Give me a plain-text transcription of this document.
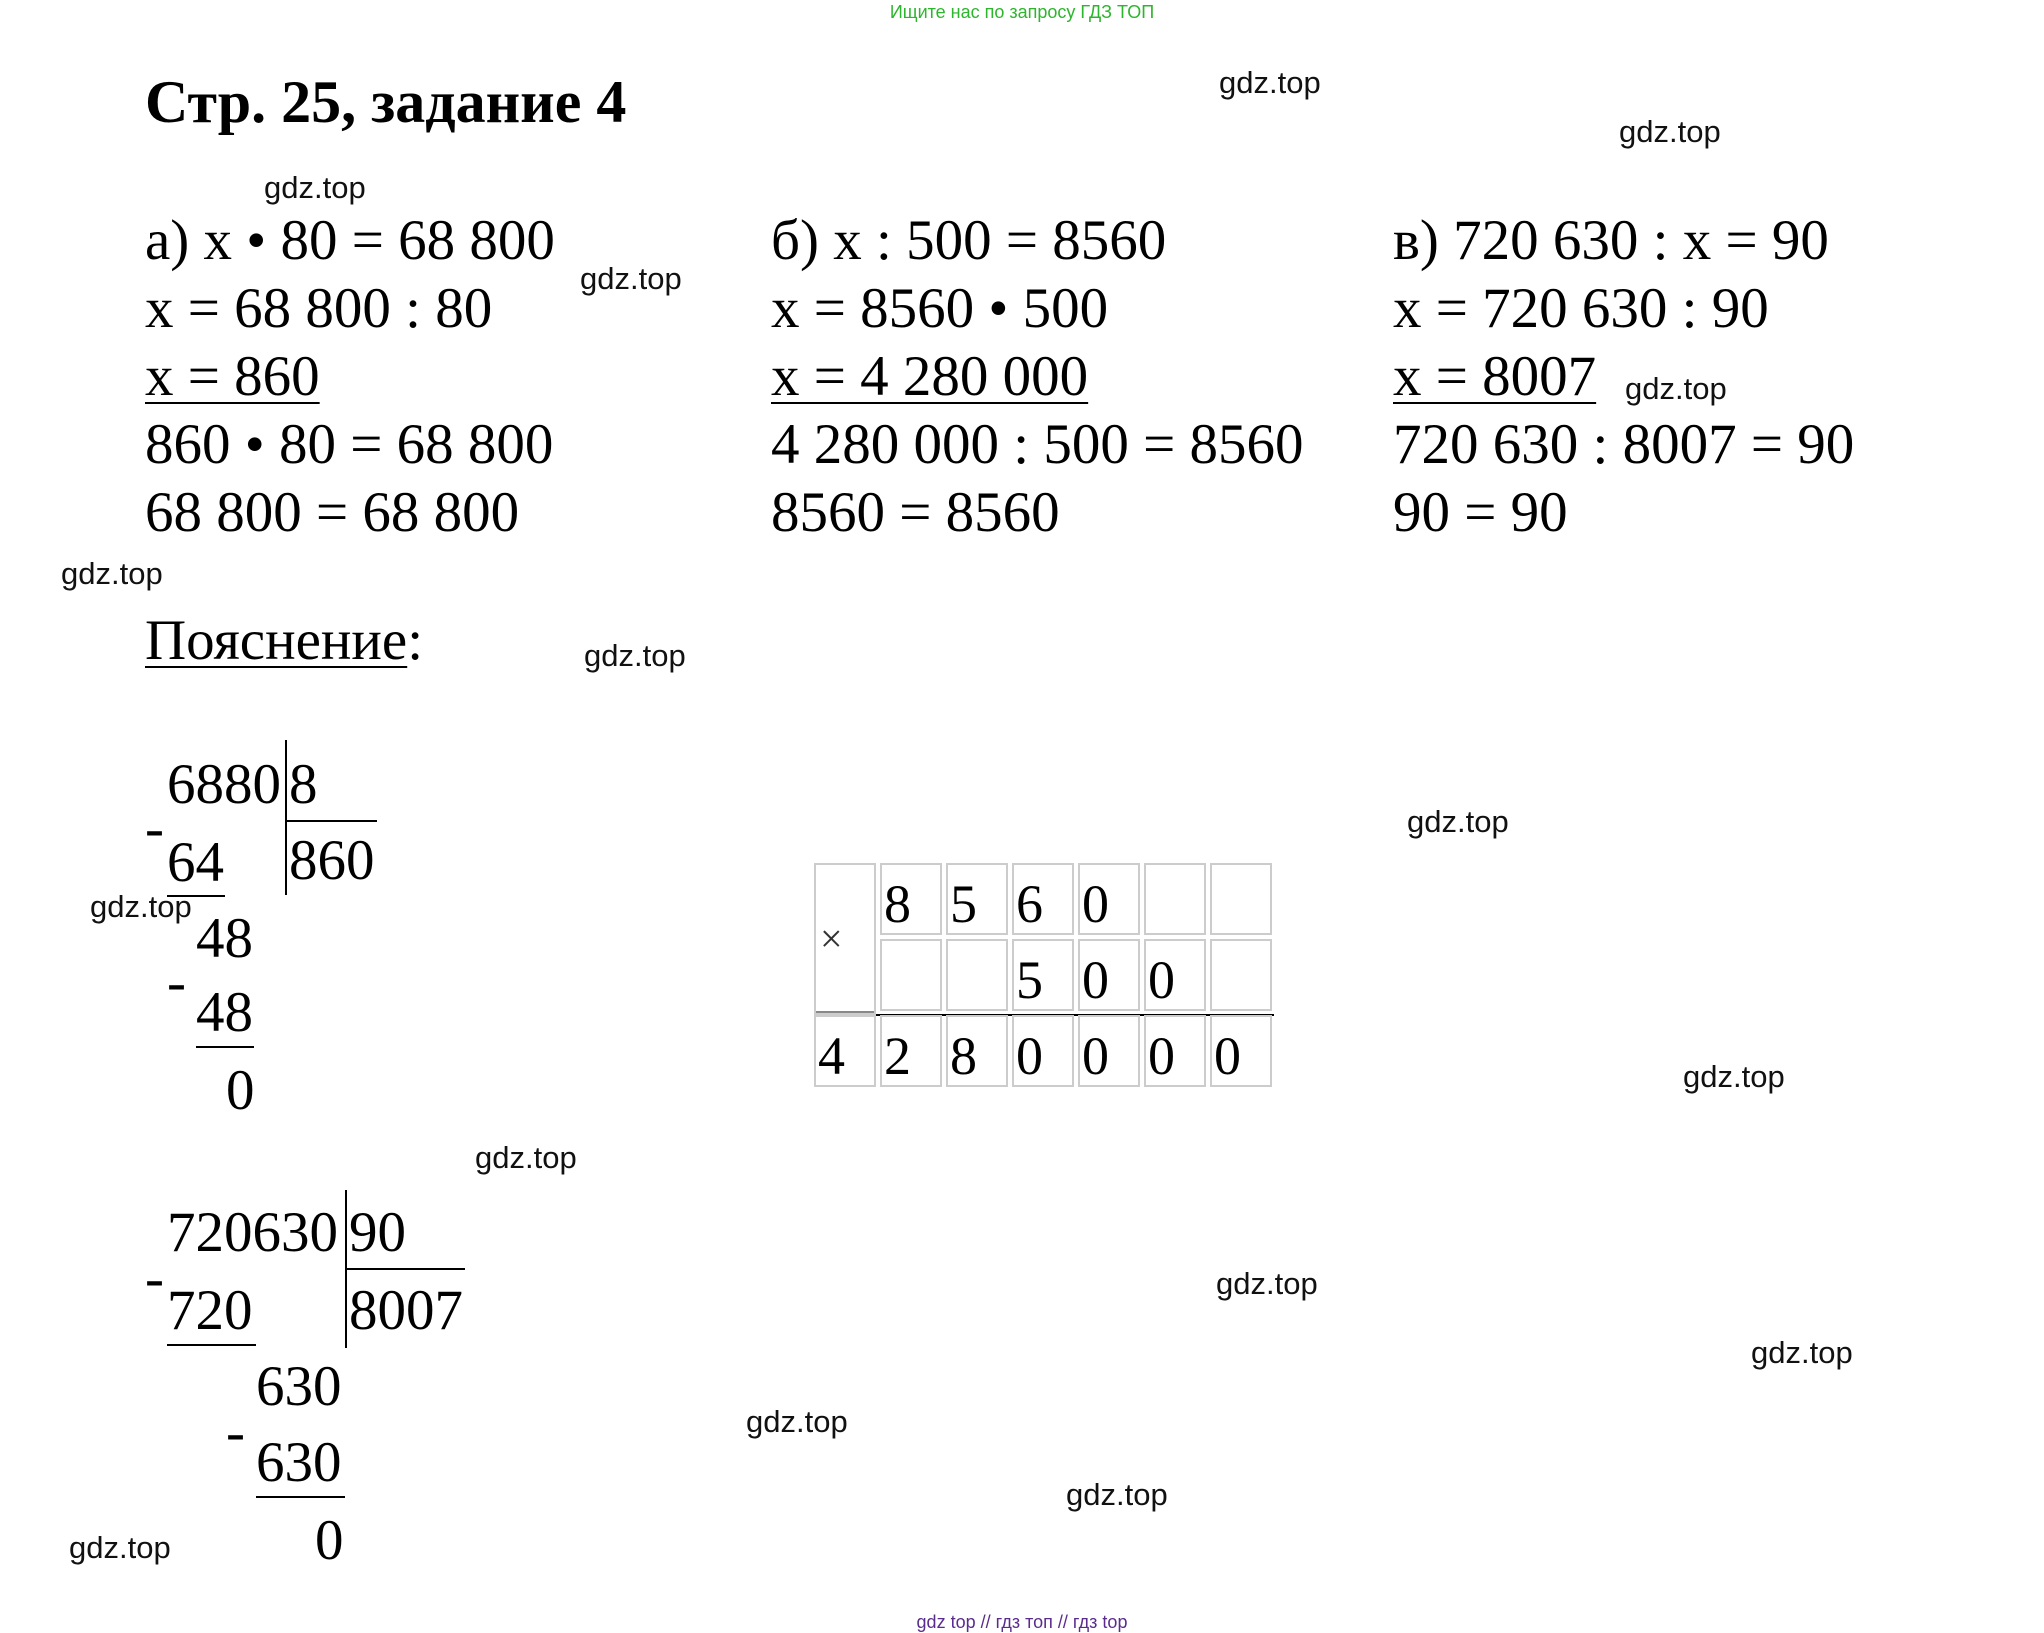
Ищите нас по запросу ГДЗ ТОП
Стр. 25, задание 4
а) x • 80 = 68 800
x = 68 800 : 80
x = 860
860 • 80 = 68 800
68 800 = 68 800
б) x : 500 = 8560
x = 8560 • 500
x = 4 280 000
4 280 000 : 500 = 8560
8560 = 8560
в) 720 630 : x = 90
x = 720 630 : 90
x = 8007
720 630 : 8007 = 90
90 = 90
Пояснение:
6880 8
860
-
64
48
- 48
0
720630 90
8007
-
720
630
- 630
0
×
8 5 6 0
5 0 0
4 2 8 0 0 0 0
gdz.top
gdz.top
gdz.top
gdz.top
gdz.top
gdz.top
gdz.top
gdz.top
gdz.top
gdz.top
gdz.top
gdz.top
gdz.top
gdz.top
gdz.top
gdz.top
gdz top // гдз топ // гдз top
